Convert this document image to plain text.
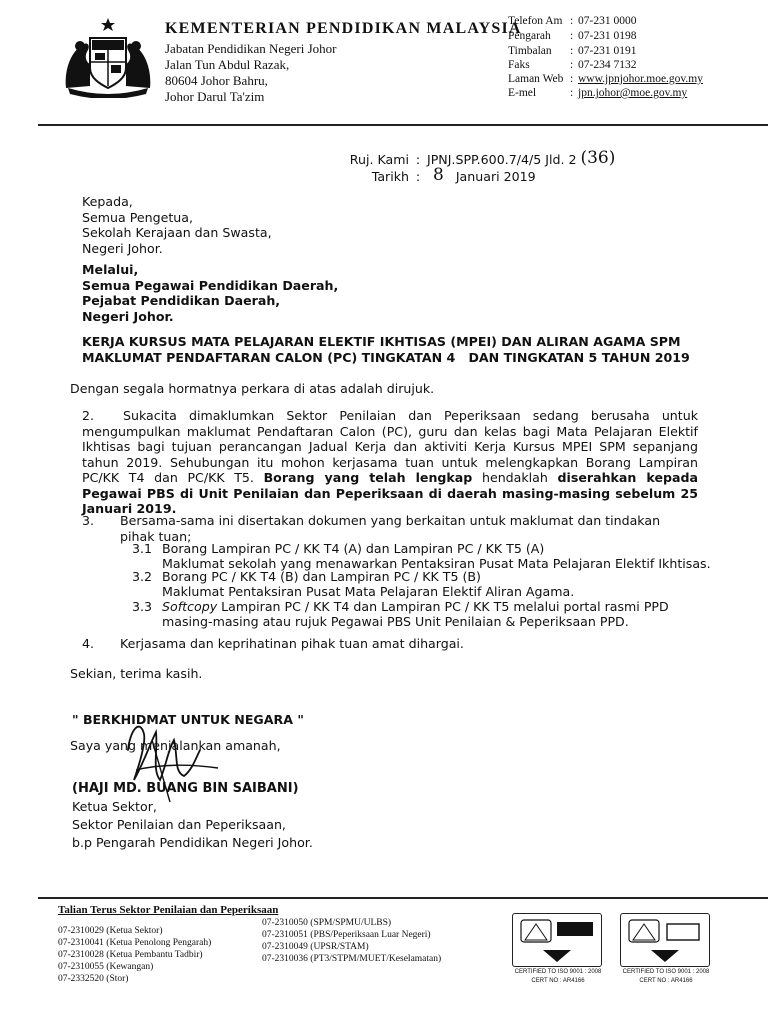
KEMENTERIAN PENDIDIKAN MALAYSIA
Jabatan Pendidikan Negeri Johor
Jalan Tun Abdul Razak,
80604 Johor Bahru,
Johor Darul Ta'zim
Telefon Am : 07-231 0000
Pengarah : 07-231 0198
Timbalan : 07-231 0191
Faks	: 07-234 7132
Laman Web : www.jpnjohor.moe.gov.my
E-mel	: jpn.johor@moe.gov.my
Ruj. Kami : JPNJ.SPP.600.7/4/5 Jld. 2 (36)
Tarikh : 8 Januari 2019
Kepada,
Semua Pengetua,
Sekolah Kerajaan dan Swasta,
Negeri Johor.
Melalui,
Semua Pegawai Pendidikan Daerah,
Pejabat Pendidikan Daerah,
Negeri Johor.
KERJA KURSUS MATA PELAJARAN ELEKTIF IKHTISAS (MPEI) DAN ALIRAN AGAMA SPM
MAKLUMAT PENDAFTARAN CALON (PC) TINGKATAN 4   DAN TINGKATAN 5 TAHUN 2019
Dengan segala hormatnya perkara di atas adalah dirujuk.
2.	Sukacita dimaklumkan Sektor Penilaian dan Peperiksaan sedang berusaha untuk mengumpulkan maklumat Pendaftaran Calon (PC), guru dan kelas bagi Mata Pelajaran Elektif Ikhtisas bagi tujuan perancangan Jadual Kerja dan aktiviti Kerja Kursus MPEI SPM sepanjang tahun 2019. Sehubungan itu mohon kerjasama tuan untuk melengkapkan Borang Lampiran PC/KK T4 dan PC/KK T5. Borang yang telah lengkap hendaklah diserahkan kepada Pegawai PBS di Unit Penilaian dan Peperiksaan di daerah masing-masing sebelum 25 Januari 2019.
3. Bersama-sama ini disertakan dokumen yang berkaitan untuk maklumat dan tindakan pihak tuan;
3.1 Borang Lampiran PC / KK T4 (A) dan Lampiran PC / KK T5 (A)
Maklumat sekolah yang menawarkan Pentaksiran Pusat Mata Pelajaran Elektif Ikhtisas.
3.2 Borang PC / KK T4 (B) dan Lampiran PC / KK T5 (B)
Maklumat Pentaksiran Pusat Mata Pelajaran Elektif Aliran Agama.
3.3 Softcopy Lampiran PC / KK T4 dan Lampiran PC / KK T5 melalui portal rasmi PPD
masing-masing atau rujuk Pegawai PBS Unit Penilaian & Peperiksaan PPD.
4. Kerjasama dan keprihatinan pihak tuan amat dihargai.
Sekian, terima kasih.
" BERKHIDMAT UNTUK NEGARA "
Saya yang menjalankan amanah,
(HAJI MD. BUANG BIN SAIBANI)
Ketua Sektor,
Sektor Penilaian dan Peperiksaan,
b.p Pengarah Pendidikan Negeri Johor.
Talian Terus Sektor Penilaian dan Peperiksaan
07-2310029 (Ketua Sektor)
07-2310041 (Ketua Penolong Pengarah)
07-2310028 (Ketua Pembantu Tadbir)
07-2310055 (Kewangan)
07-2332520 (Stor)
07-2310050 (SPM/SPMU/ULBS)
07-2310051 (PBS/Peperiksaan Luar Negeri)
07-2310049 (UPSR/STAM)
07-2310036 (PT3/STPM/MUET/Keselamatan)
CERTIFIED TO ISO 9001 : 2008
CERT NO : AR4166
CERTIFIED TO ISO 9001 : 2008
CERT NO : AR4166
